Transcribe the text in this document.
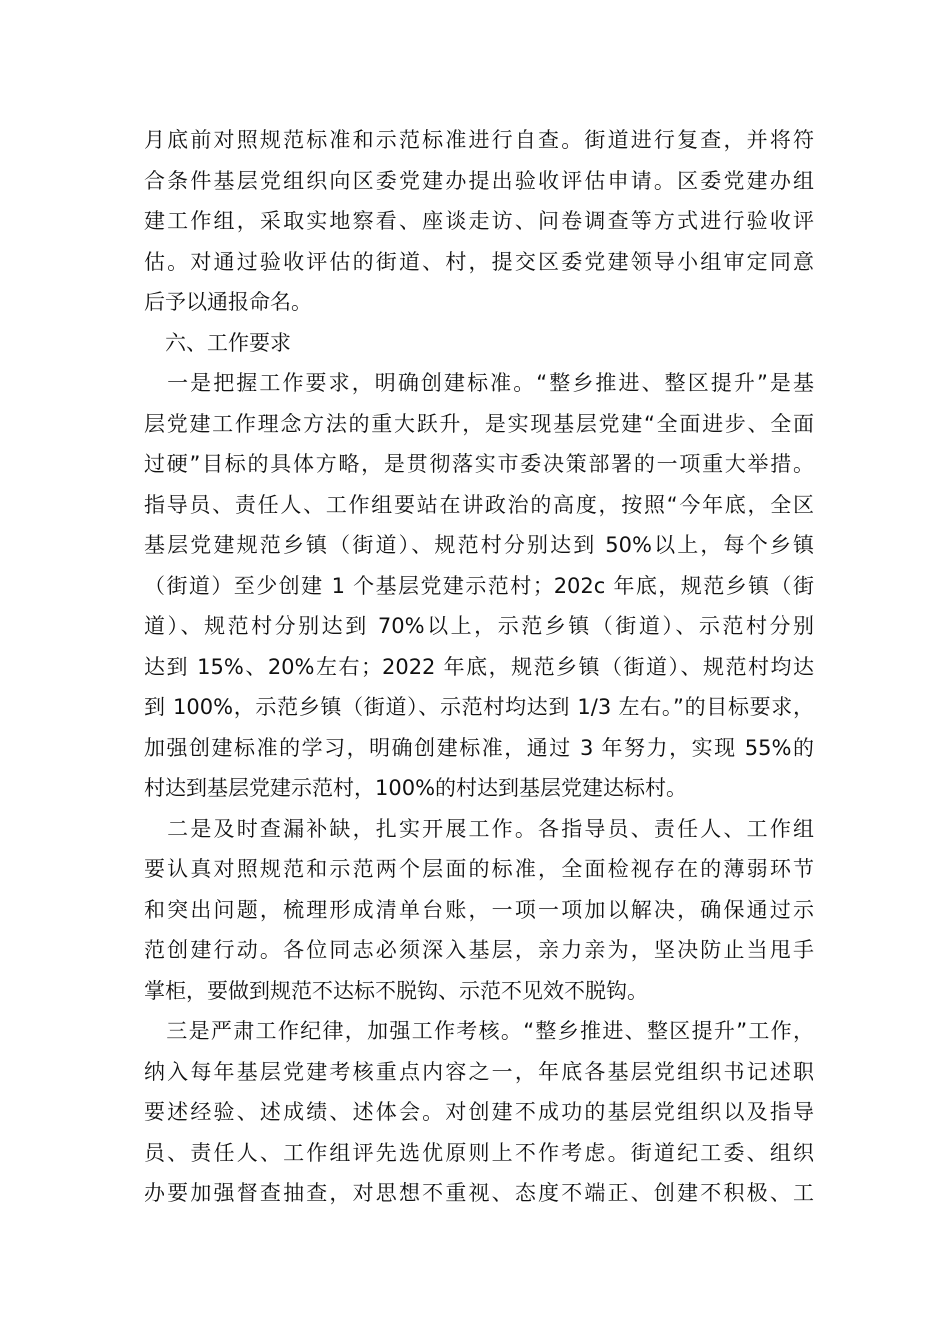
月底前对照规范标准和示范标准进行自查。街道进行复查，并将符
合条件基层党组织向区委党建办提出验收评估申请。区委党建办组
建工作组，采取实地察看、座谈走访、问卷调查等方式进行验收评
估。对通过验收评估的街道、村，提交区委党建领导小组审定同意
后予以通报命名。
　六、工作要求
　一是把握工作要求，明确创建标准。“整乡推进、整区提升”是基
层党建工作理念方法的重大跃升，是实现基层党建“全面进步、全面
过硬”目标的具体方略，是贯彻落实市委决策部署的一项重大举措。
指导员、责任人、工作组要站在讲政治的高度，按照“今年底，全区
基层党建规范乡镇（街道）、规范村分别达到 50%以上，每个乡镇
（街道）至少创建 1 个基层党建示范村；202c 年底，规范乡镇（街
道）、规范村分别达到 70%以上，示范乡镇（街道）、示范村分别
达到 15%、20%左右；2022 年底，规范乡镇（街道）、规范村均达
到 100%，示范乡镇（街道）、示范村均达到 1/3 左右。”的目标要求，
加强创建标准的学习，明确创建标准，通过 3 年努力，实现 55%的
村达到基层党建示范村，100%的村达到基层党建达标村。
　二是及时查漏补缺，扎实开展工作。各指导员、责任人、工作组
要认真对照规范和示范两个层面的标准，全面检视存在的薄弱环节
和突出问题，梳理形成清单台账，一项一项加以解决，确保通过示
范创建行动。各位同志必须深入基层，亲力亲为，坚决防止当甩手
掌柜，要做到规范不达标不脱钩、示范不见效不脱钩。
　三是严肃工作纪律，加强工作考核。“整乡推进、整区提升”工作，
纳入每年基层党建考核重点内容之一，年底各基层党组织书记述职
要述经验、述成绩、述体会。对创建不成功的基层党组织以及指导
员、责任人、工作组评先选优原则上不作考虑。街道纪工委、组织
办要加强督查抽查，对思想不重视、态度不端正、创建不积极、工
